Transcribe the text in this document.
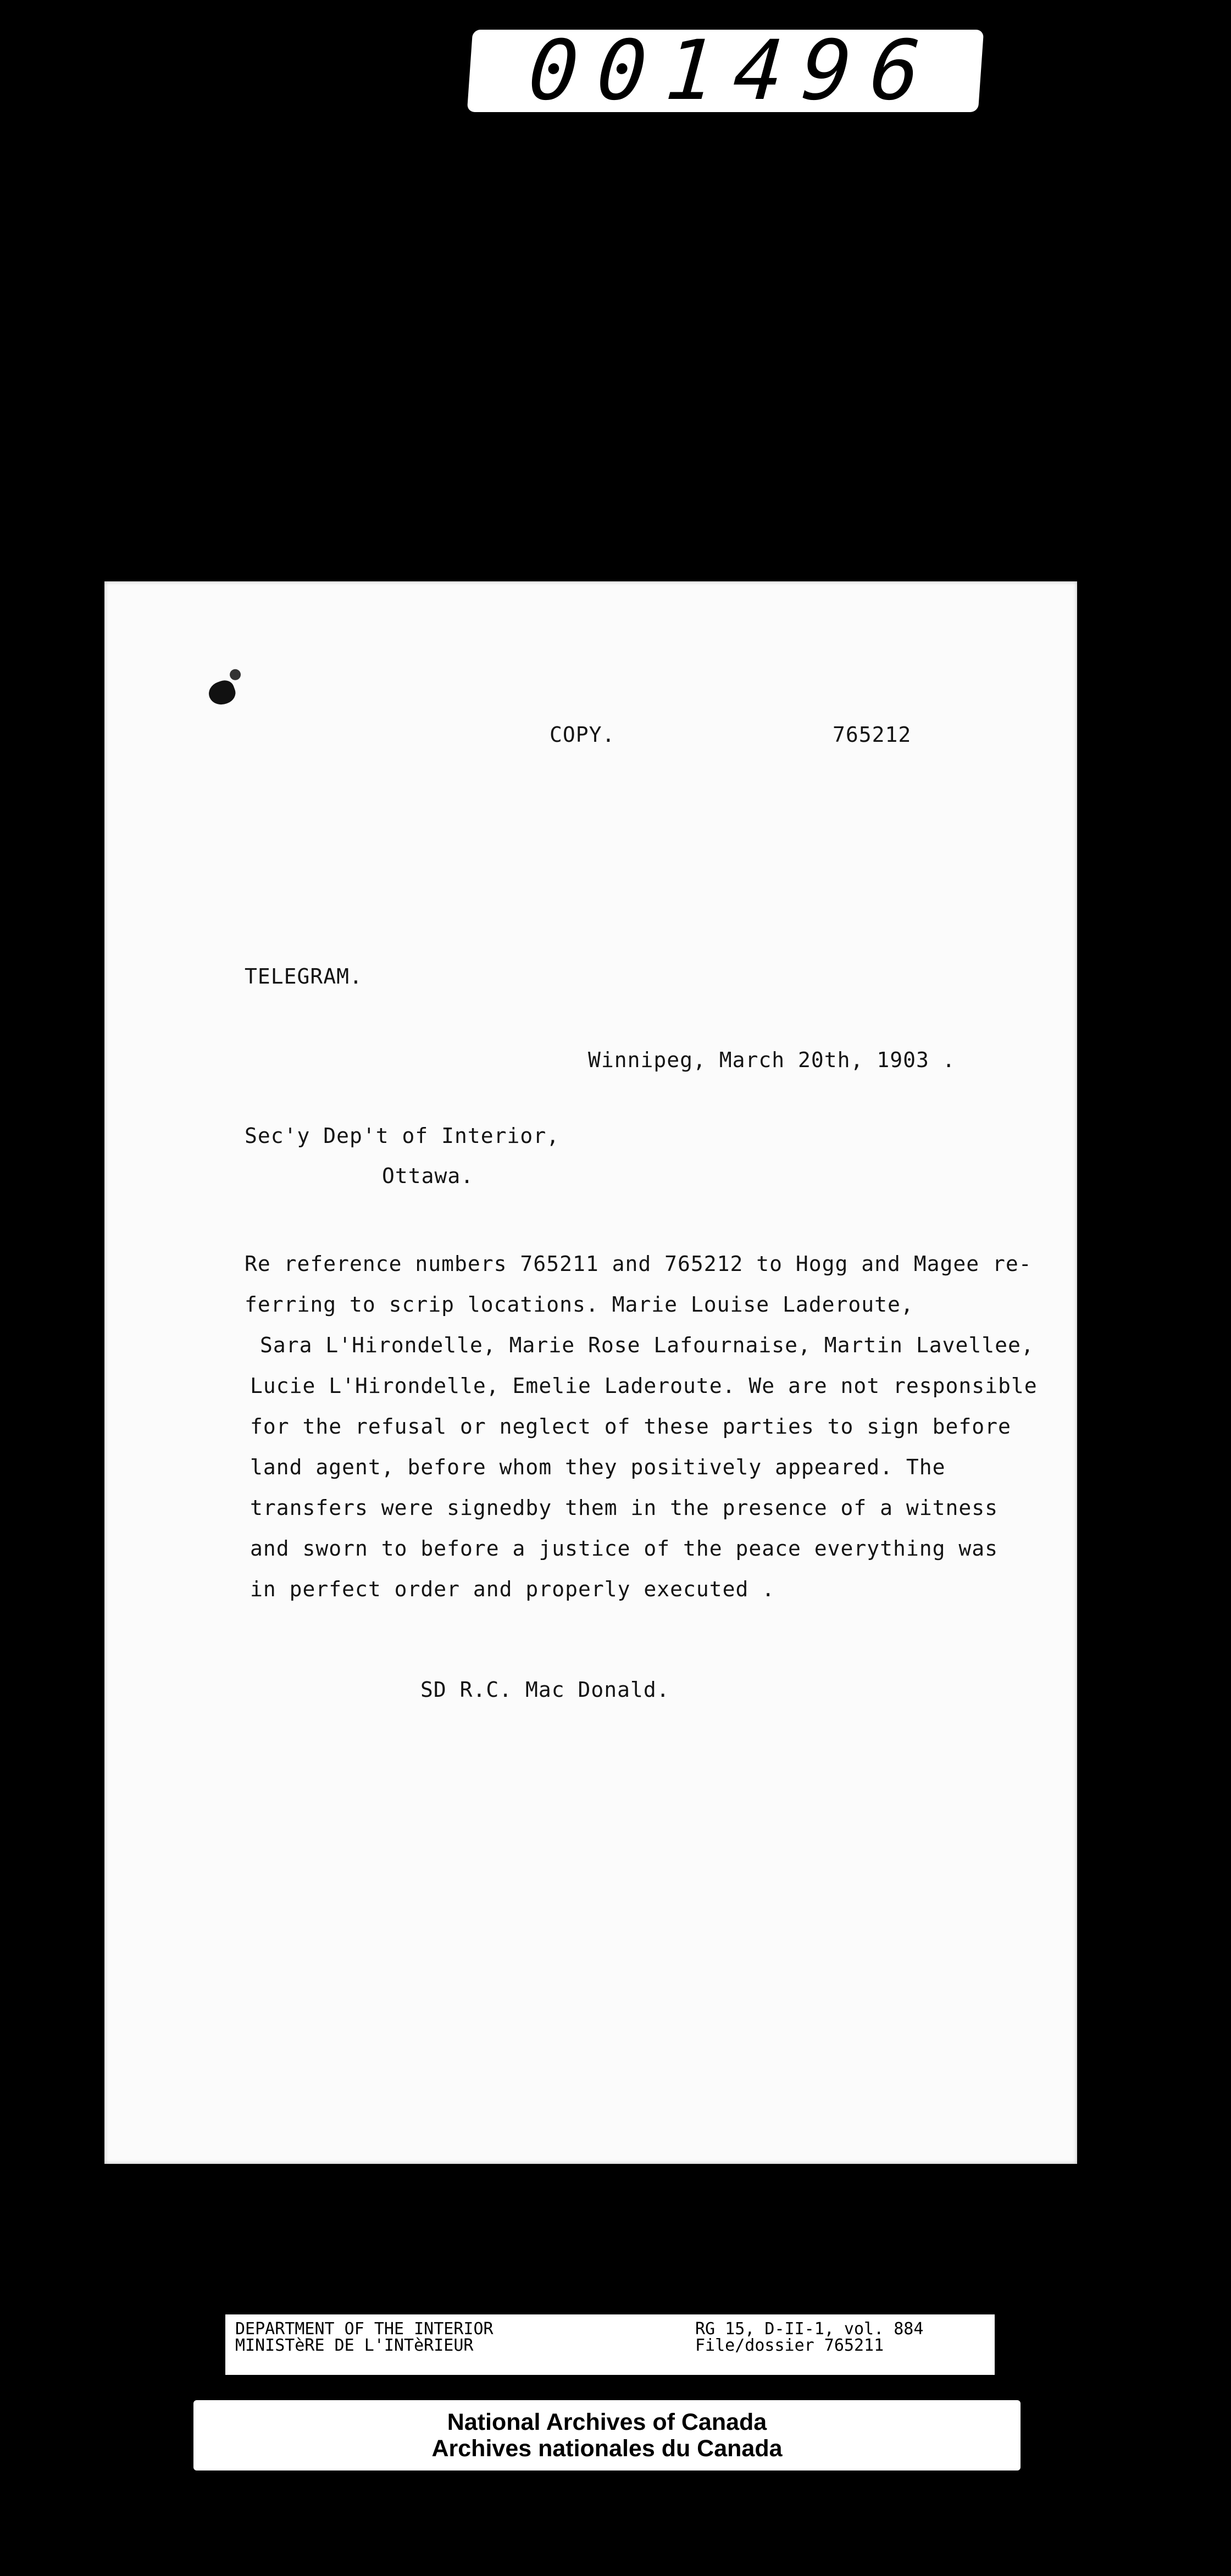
001496
COPY.	765212
TELEGRAM.
Winnipeg, March 20th, 1903 .
Sec'y Dep't of Interior,
Ottawa.
Re reference numbers 765211 and 765212 to Hogg and Magee re-
ferring to scrip locations. Marie Louise Laderoute,
Sara L'Hirondelle, Marie Rose Lafournaise, Martin Lavellee,
Lucie L'Hirondelle, Emelie Laderoute. We are not responsible
for the refusal or neglect of these parties to sign before
land agent, before whom they positively appeared. The
transfers were signedby them in the presence of a witness
and sworn to before a justice of the peace everything was
in perfect order and properly executed .
SD R.C. Mac Donald.
DEPARTMENT OF THE INTERIOR
MINISTèRE DE L'INTèRIEUR
RG 15, D-II-1, vol. 884
File/dossier 765211
National Archives of Canada
Archives nationales du Canada
